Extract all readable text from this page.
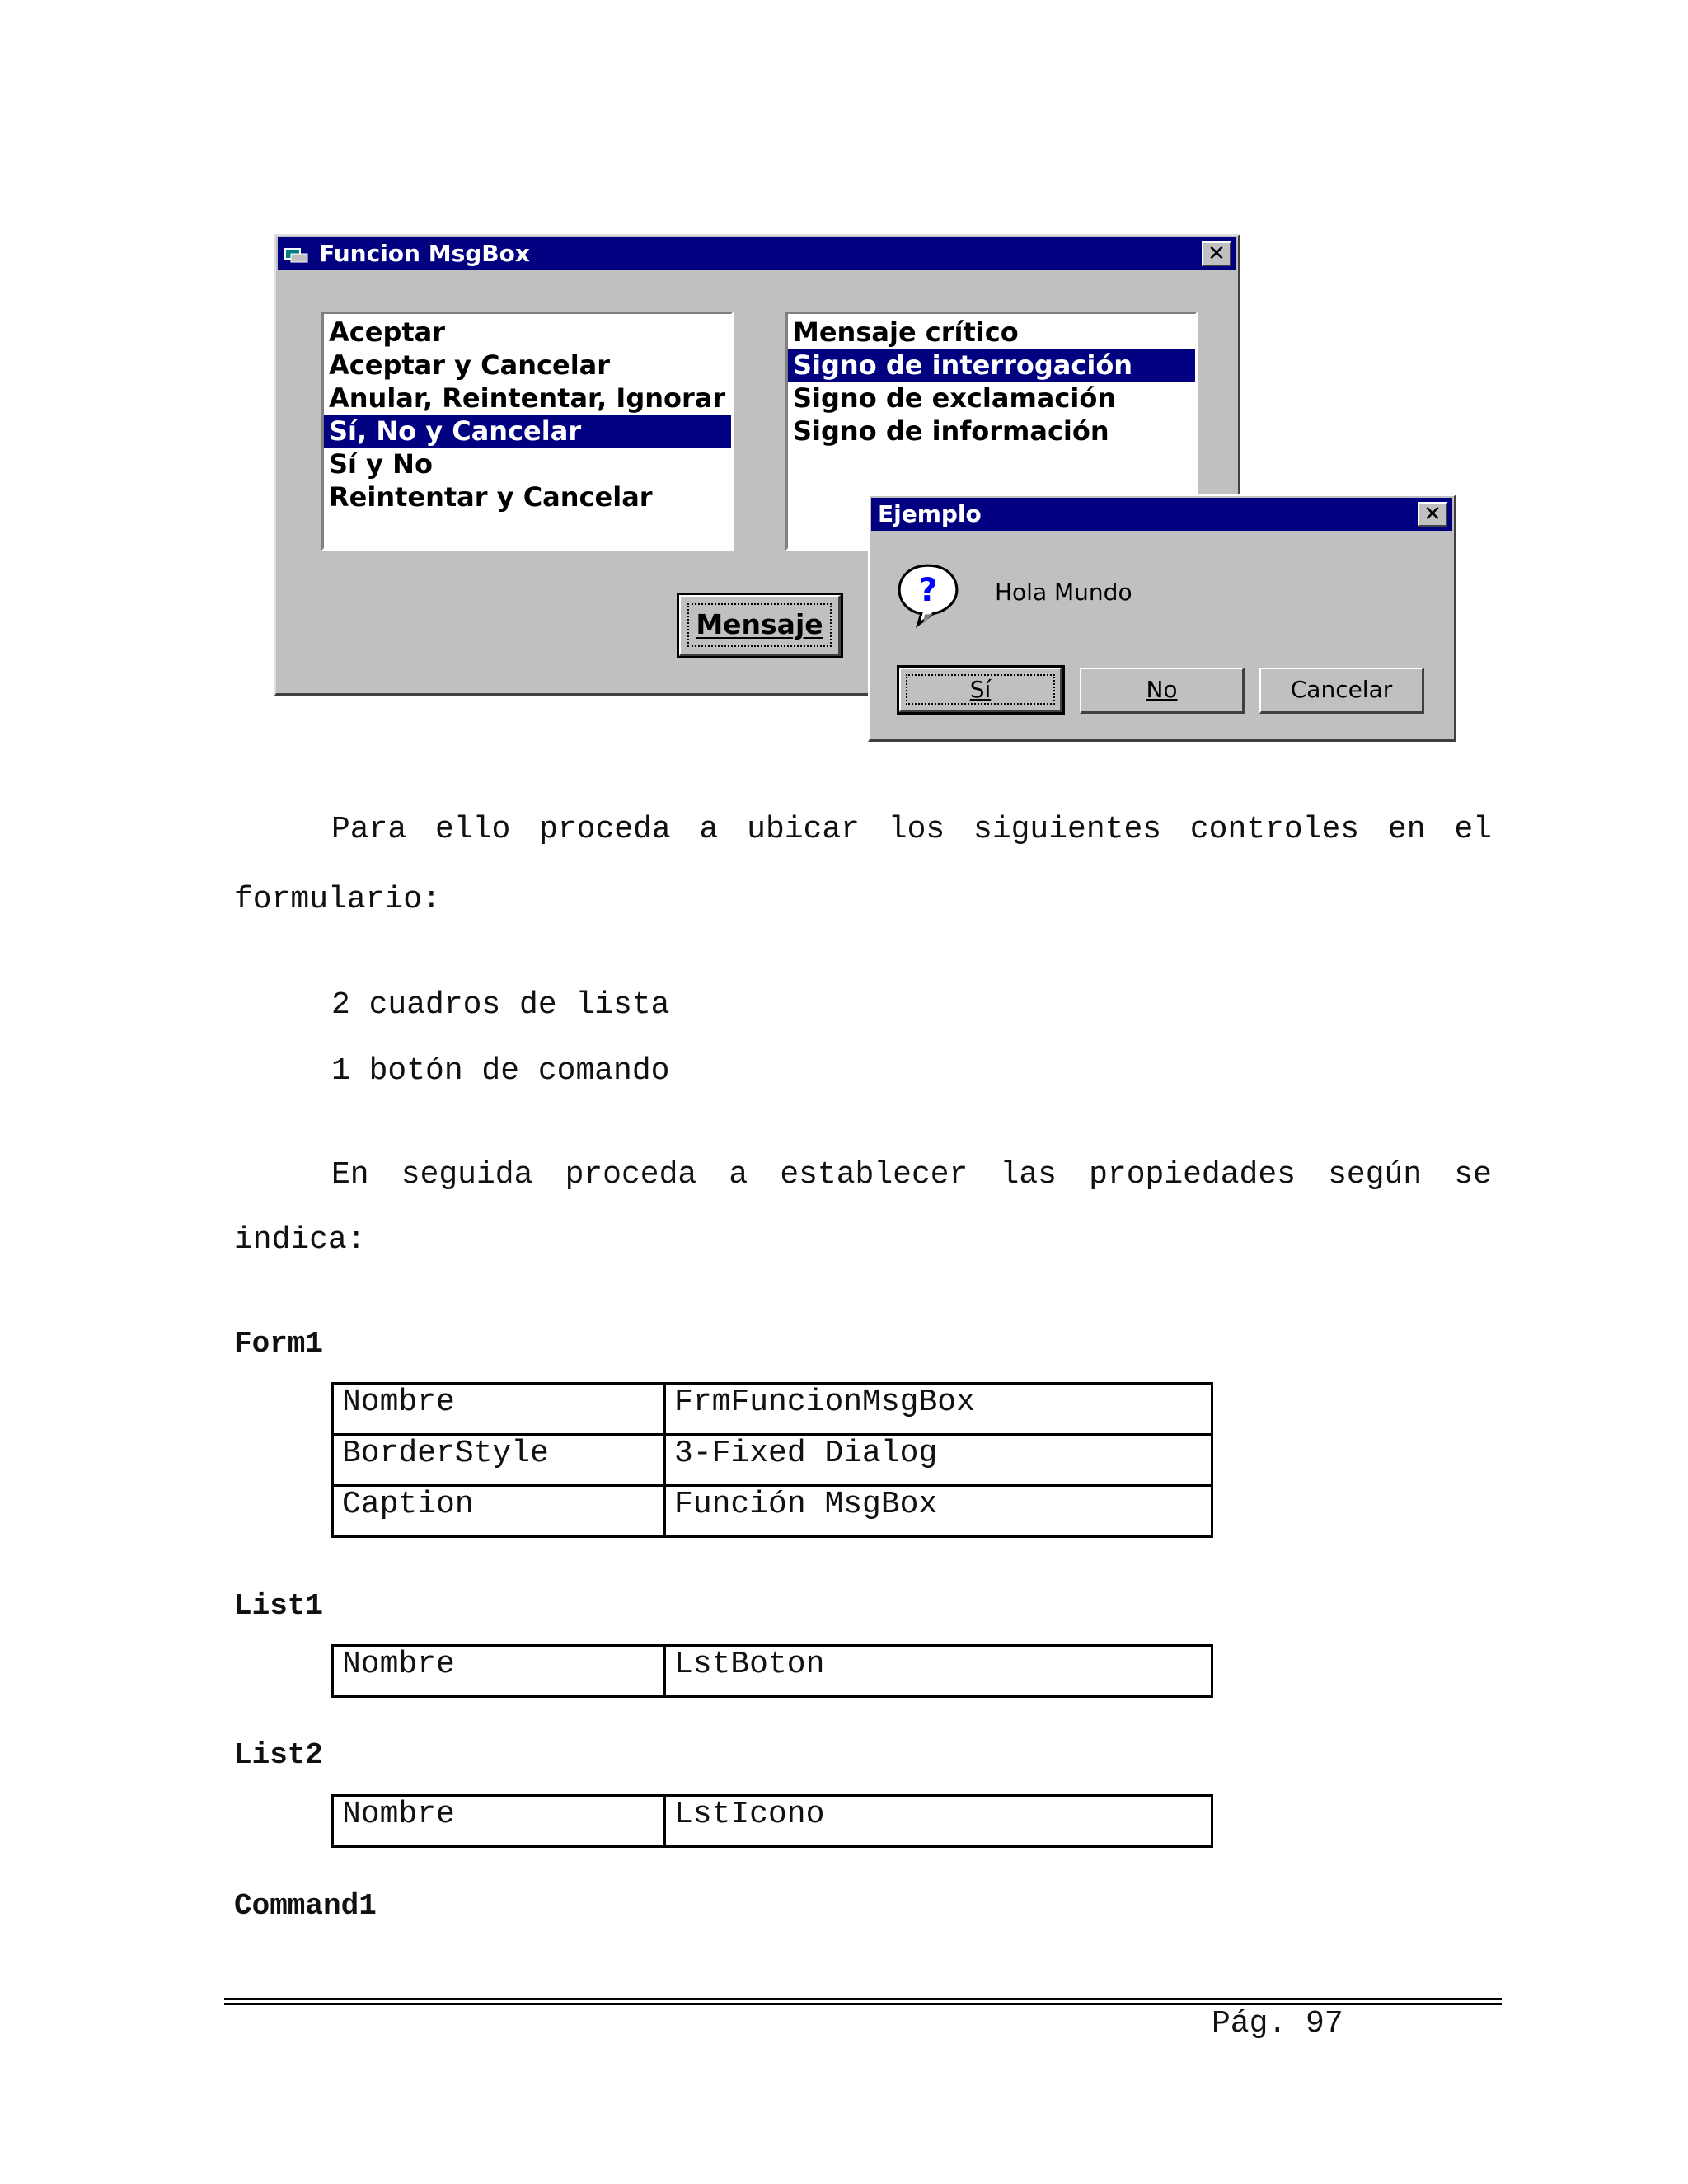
Funcion MsgBox	✕
Aceptar
Aceptar y Cancelar
Anular, Reintentar, Ignorar
Sí, No y Cancelar
Sí y No
Reintentar y Cancelar
Mensaje crítico
Signo de interrogación
Signo de exclamación
Signo de información
Mensaje
Ejemplo	✕
? Hola Mundo
Sí	No	Cancelar
Para ello proceda a ubicar los siguientes controles en el
formulario:
2 cuadros de lista
1 botón de comando
En seguida proceda a establecer las propiedades según se
indica:
Form1
Nombre	FrmFuncionMsgBox
BorderStyle	3-Fixed Dialog
Caption	Función MsgBox
List1
Nombre	LstBoton
List2
Nombre	LstIcono
Command1
Pág. 97
